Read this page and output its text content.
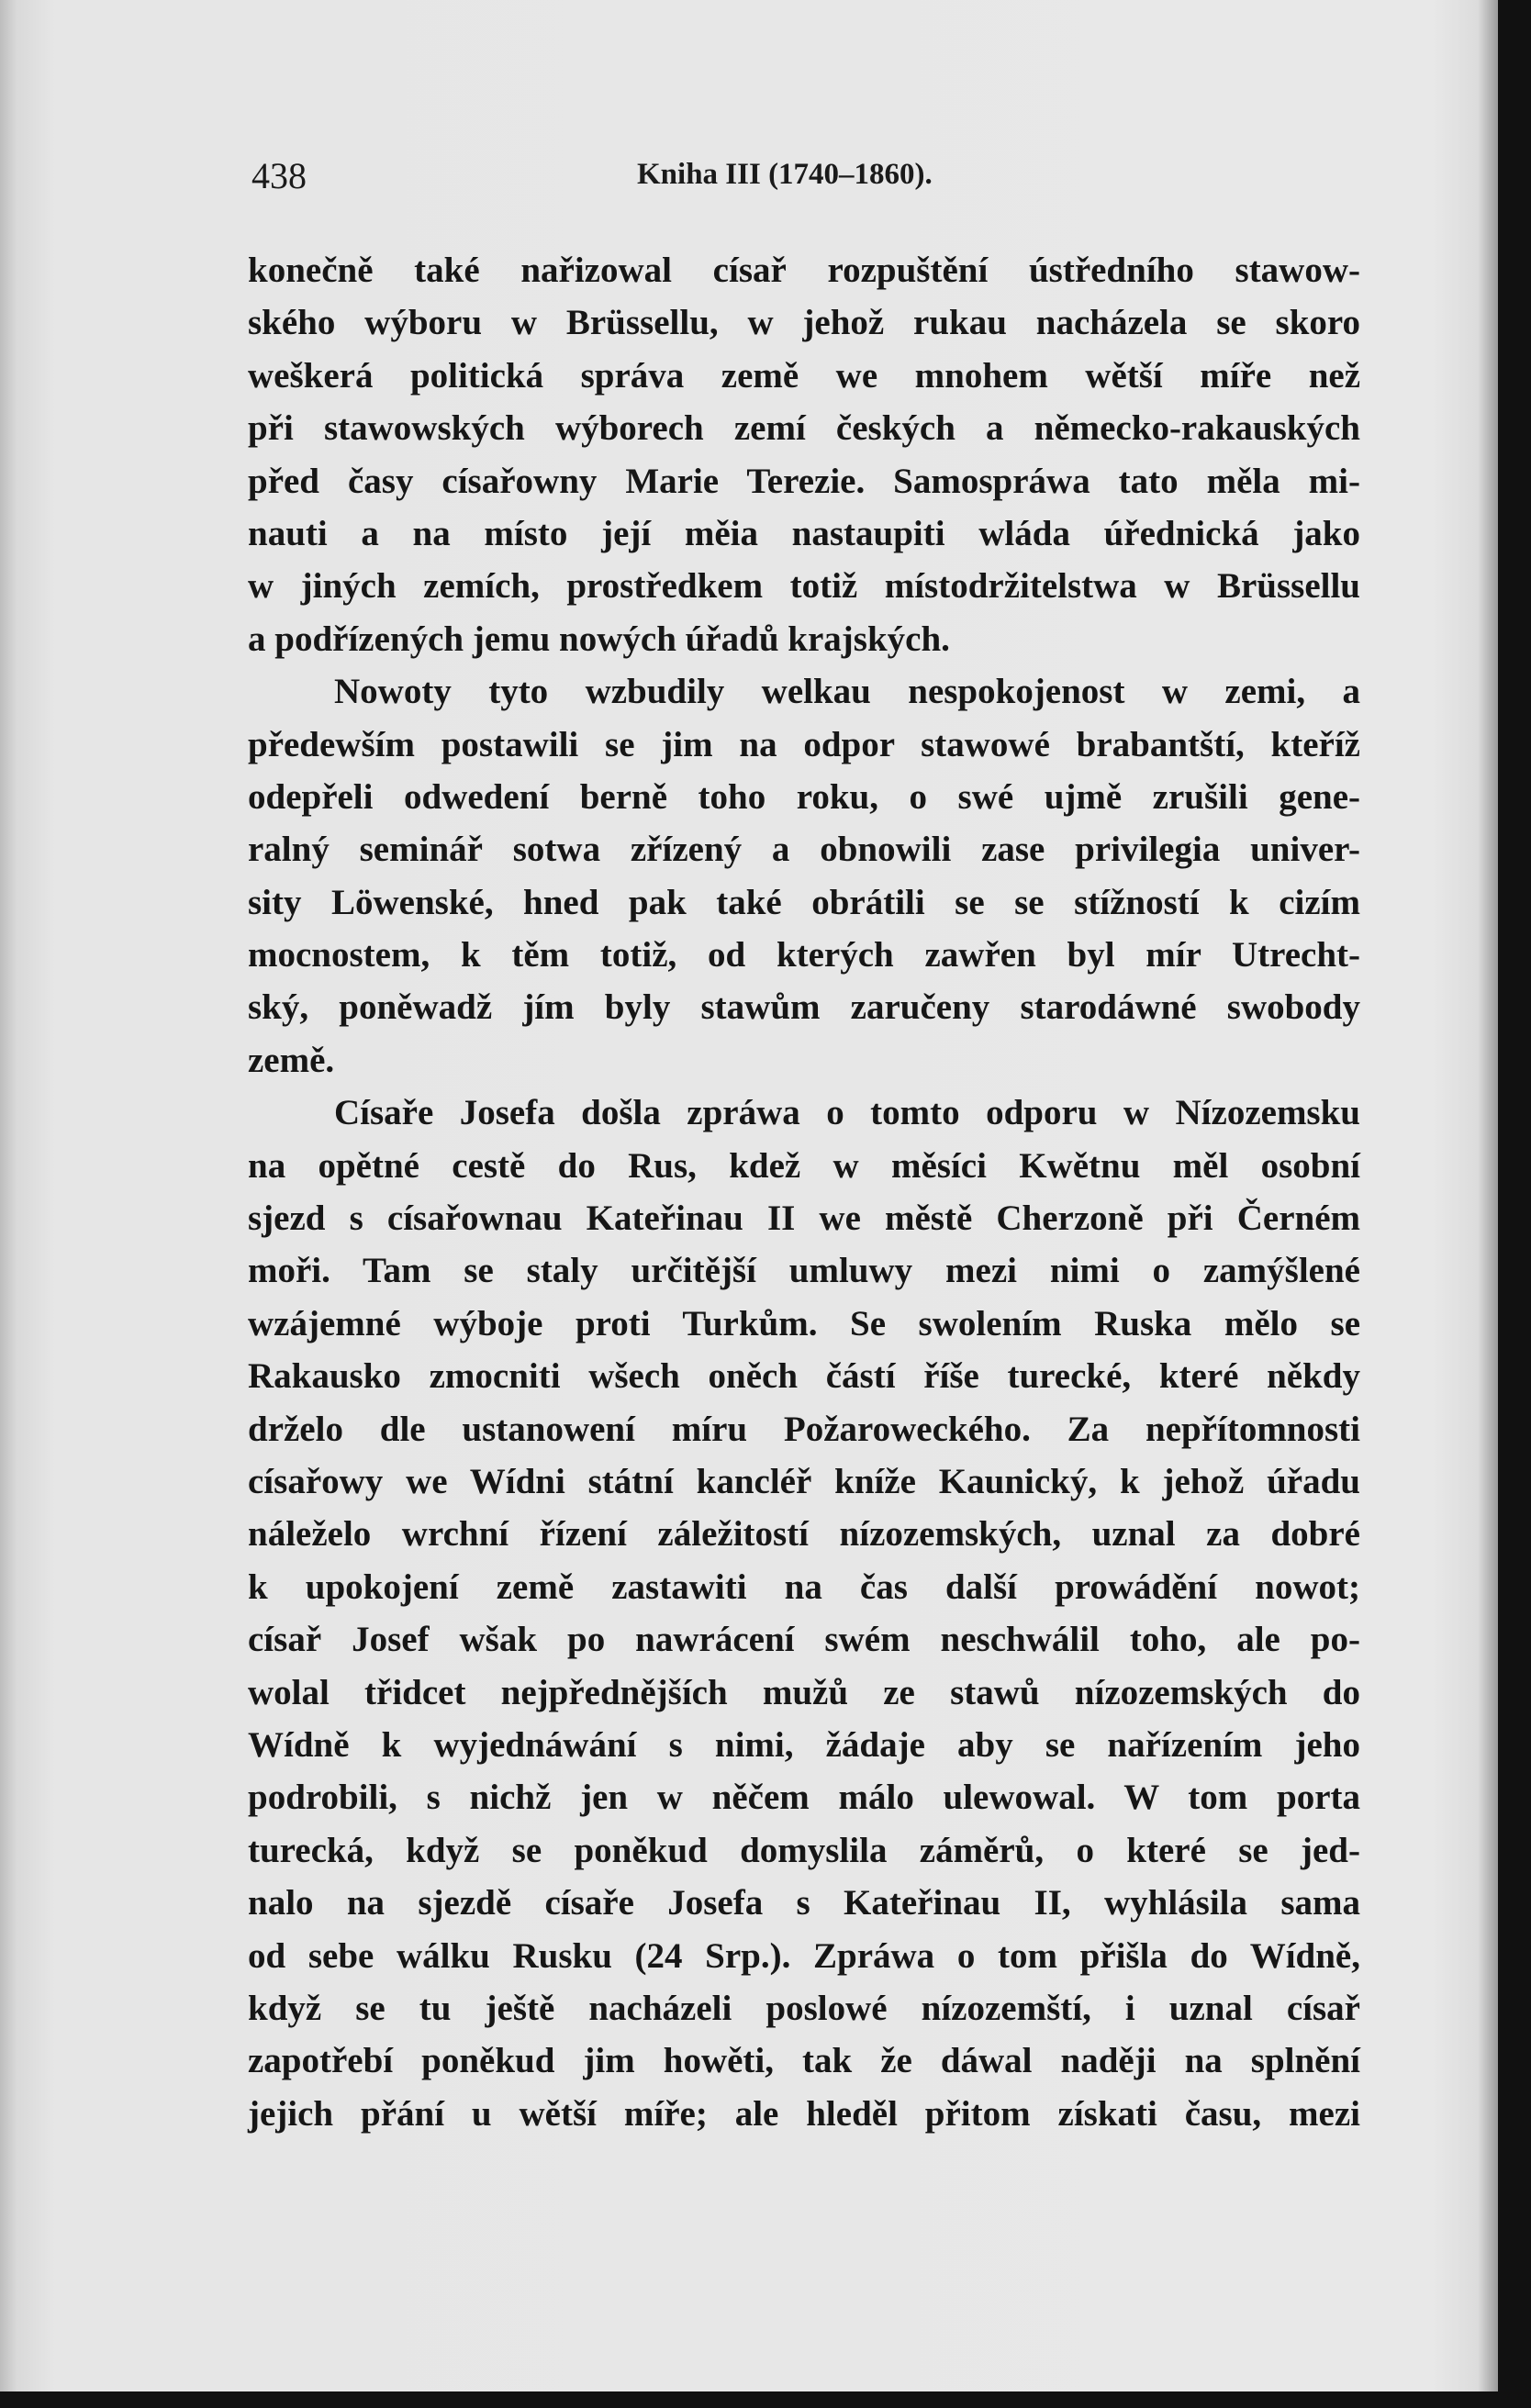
438	Kniha III (1740–1860).
konečně také nařizowal císař rozpuštění ústředního stawow-
ského wýboru w Brüssellu, w jehož rukau nacházela se skoro
weškerá politická správa země we mnohem wětší míře než
při stawowských wýborech zemí českých a německo-rakauských
před časy císařowny Marie Terezie. Samospráwa tato měla mi-
nauti a na místo její měia nastaupiti wláda úřednická jako
w jiných zemích, prostředkem totiž místodržitelstwa w Brüssellu
a podřízených jemu nowých úřadů krajských.
Nowoty tyto wzbudily welkau nespokojenost w zemi, a
předewším postawili se jim na odpor stawowé brabantští, kteříž
odepřeli odwedení berně toho roku, o swé ujmě zrušili gene-
ralný seminář sotwa zřízený a obnowili zase privilegia univer-
sity Löwenské, hned pak také obrátili se se stížností k cizím
mocnostem, k těm totiž, od kterých zawřen byl mír Utrecht-
ský, poněwadž jím byly stawům zaručeny starodáwné swobody
země.
Císaře Josefa došla zpráwa o tomto odporu w Nízozemsku
na opětné cestě do Rus, kdež w měsíci Kwětnu měl osobní
sjezd s císařownau Kateřinau II we městě Cherzoně při Černém
moři. Tam se staly určitější umluwy mezi nimi o zamýšlené
wzájemné wýboje proti Turkům. Se swolením Ruska mělo se
Rakausko zmocniti wšech oněch částí říše turecké, které někdy
drželo dle ustanowení míru Požaroweckého. Za nepřítomnosti
císařowy we Wídni státní kancléř kníže Kaunický, k jehož úřadu
náleželo wrchní řízení záležitostí nízozemských, uznal za dobré
k upokojení země zastawiti na čas další prowádění nowot;
císař Josef wšak po nawrácení swém neschwálil toho, ale po-
wolal třidcet nejpřednějších mužů ze stawů nízozemských do
Wídně k wyjednáwání s nimi, žádaje aby se nařízením jeho
podrobili, s nichž jen w něčem málo ulewowal. W tom porta
turecká, když se poněkud domyslila záměrů, o které se jed-
nalo na sjezdě císaře Josefa s Kateřinau II, wyhlásila sama
od sebe wálku Rusku (24 Srp.). Zpráwa o tom přišla do Wídně,
když se tu ještě nacházeli poslowé nízozemští, i uznal císař
zapotřebí poněkud jim howěti, tak že dáwal naději na splnění
jejich přání u wětší míře; ale hleděl přitom získati času, mezi
